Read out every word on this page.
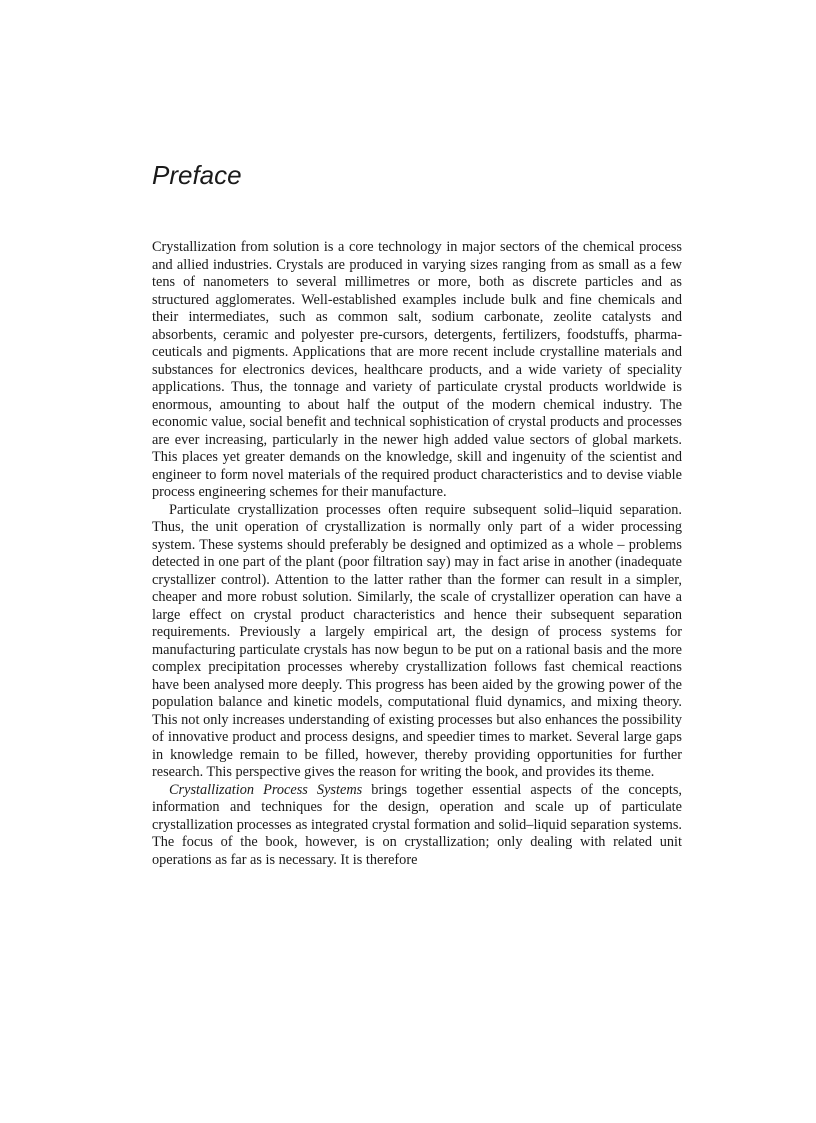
Preface

Crystallization from solution is a core technology in major sectors of the chemical process and allied industries. Crystals are produced in varying sizes ranging from as small as a few tens of nanometers to several millimetres or more, both as discrete particles and as structured agglomerates. Well-established examples include bulk and fine chemicals and their intermediates, such as common salt, sodium carbonate, zeolite catalysts and absorbents, ceramic and polyester pre-cursors, detergents, fertilizers, foodstuffs, pharmaceuticals and pigments. Applications that are more recent include crystalline materials and substances for electronics devices, healthcare products, and a wide variety of speciality applications. Thus, the tonnage and variety of particulate crystal products worldwide is enormous, amounting to about half the output of the modern chemical industry. The economic value, social benefit and technical sophistication of crystal products and processes are ever increasing, particularly in the newer high added value sectors of global markets. This places yet greater demands on the knowledge, skill and ingenuity of the scientist and engineer to form novel materials of the required product characteristics and to devise viable process engineering schemes for their manufacture.

Particulate crystallization processes often require subsequent solid–liquid separation. Thus, the unit operation of crystallization is normally only part of a wider processing system. These systems should preferably be designed and optimized as a whole – problems detected in one part of the plant (poor filtration say) may in fact arise in another (inadequate crystallizer control). Attention to the latter rather than the former can result in a simpler, cheaper and more robust solution. Similarly, the scale of crystallizer operation can have a large effect on crystal product characteristics and hence their subsequent separation requirements. Previously a largely empirical art, the design of process systems for manufacturing particulate crystals has now begun to be put on a rational basis and the more complex precipitation processes whereby crystallization follows fast chemical reactions have been analysed more deeply. This progress has been aided by the growing power of the population balance and kinetic models, computational fluid dynamics, and mixing theory. This not only increases understanding of existing processes but also enhances the possibility of innovative product and process designs, and speedier times to market. Several large gaps in knowledge remain to be filled, however, thereby providing opportunities for further research. This perspective gives the reason for writing the book, and provides its theme.

Crystallization Process Systems brings together essential aspects of the concepts, information and techniques for the design, operation and scale up of particulate crystallization processes as integrated crystal formation and solid–liquid separation systems. The focus of the book, however, is on crystallization; only dealing with related unit operations as far as is necessary. It is therefore
